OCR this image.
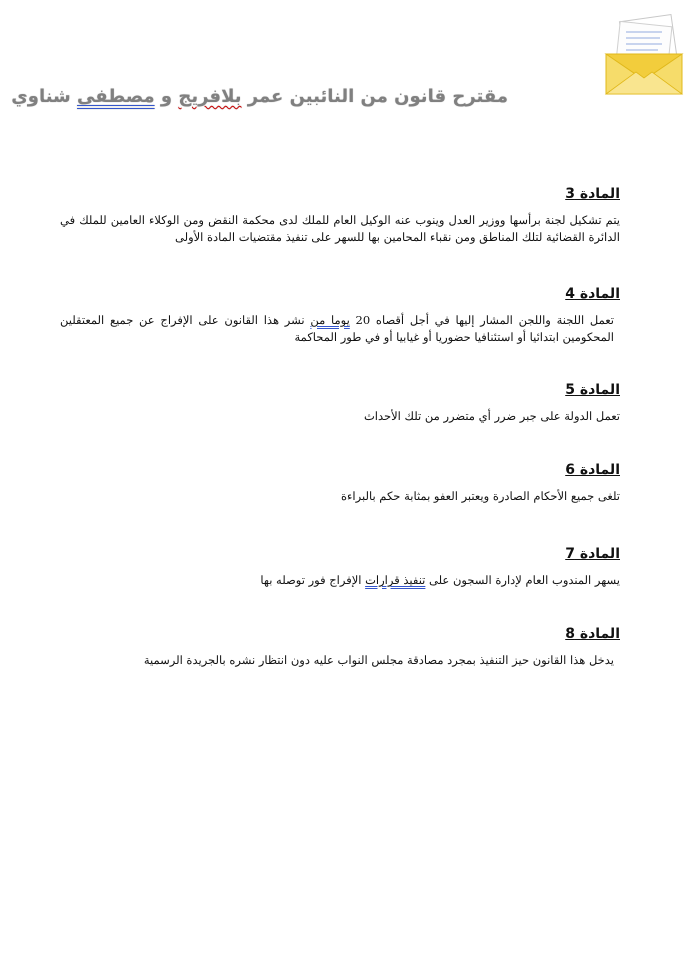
مقترح قانون من النائبين عمر بلافريج و مصطفى شناوي
المادة 3

يتم تشكيل لجنة برأسها ووزير العدل وينوب عنه الوكيل العام للملك لدى محكمة النقض ومن الوكلاء العامين للملك في الدائرة القضائية لتلك المناطق ومن نقباء المحامين بها للسهر على تنفيذ مقتضيات المادة الأولى

المادة 4

تعمل اللجنة واللجن المشار إليها في أجل أقصاه 20 يوما من نشر هذا القانون على الإفراج عن جميع المعتقلين المحكومين ابتدائيا أو استئنافيا حضوريا أو غيابيا أو في طور المحاكمة

المادة 5

تعمل الدولة على جبر ضرر أي متضرر من تلك الأحداث

المادة 6

تلغى جميع الأحكام الصادرة ويعتبر العفو بمثابة حكم بالبراءة

المادة 7

يسهر المندوب العام لإدارة السجون على تنفيذ قرارات الإفراج فور توصله بها

المادة 8

يدخل هذا القانون حيز التنفيذ بمجرد مصادقة مجلس النواب عليه دون انتظار نشره بالجريدة الرسمية
